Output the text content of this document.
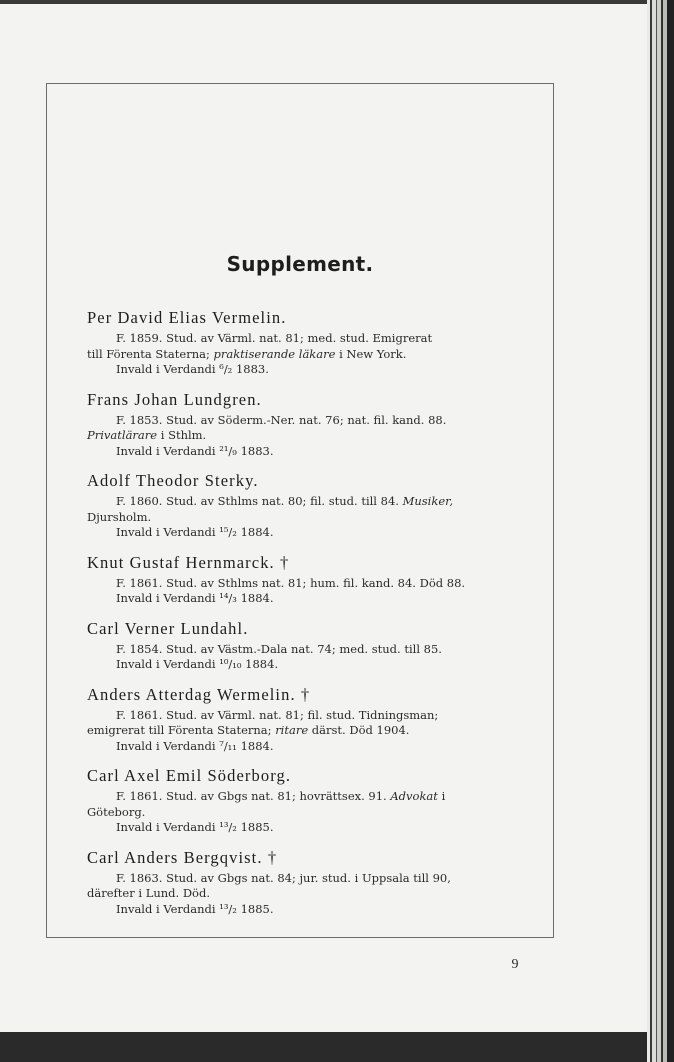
Supplement.
Per David Elias Vermelin.
F. 1859. Stud. av Värml. nat. 81; med. stud. Emigrerat
till Förenta Staterna; praktiserande läkare i New York.
Invald i Verdandi ⁶/₂ 1883.
Frans Johan Lundgren.
F. 1853. Stud. av Söderm.-Ner. nat. 76; nat. fil. kand. 88.
Privatlärare i Sthlm.
Invald i Verdandi ²¹/₉ 1883.
Adolf Theodor Sterky.
F. 1860. Stud. av Sthlms nat. 80; fil. stud. till 84. Musiker,
Djursholm.
Invald i Verdandi ¹⁵/₂ 1884.
Knut Gustaf Hernmarck. †
F. 1861. Stud. av Sthlms nat. 81; hum. fil. kand. 84. Död 88.
Invald i Verdandi ¹⁴/₃ 1884.
Carl Verner Lundahl.
F. 1854. Stud. av Västm.-Dala nat. 74; med. stud. till 85.
Invald i Verdandi ¹⁰/₁₀ 1884.
Anders Atterdag Wermelin. †
F. 1861. Stud. av Värml. nat. 81; fil. stud. Tidningsman;
emigrerat till Förenta Staterna; ritare därst. Död 1904.
Invald i Verdandi ⁷/₁₁ 1884.
Carl Axel Emil Söderborg.
F. 1861. Stud. av Gbgs nat. 81; hovrättsex. 91. Advokat i
Göteborg.
Invald i Verdandi ¹³/₂ 1885.
Carl Anders Bergqvist. †
F. 1863. Stud. av Gbgs nat. 84; jur. stud. i Uppsala till 90,
därefter i Lund. Död.
Invald i Verdandi ¹³/₂ 1885.
9
